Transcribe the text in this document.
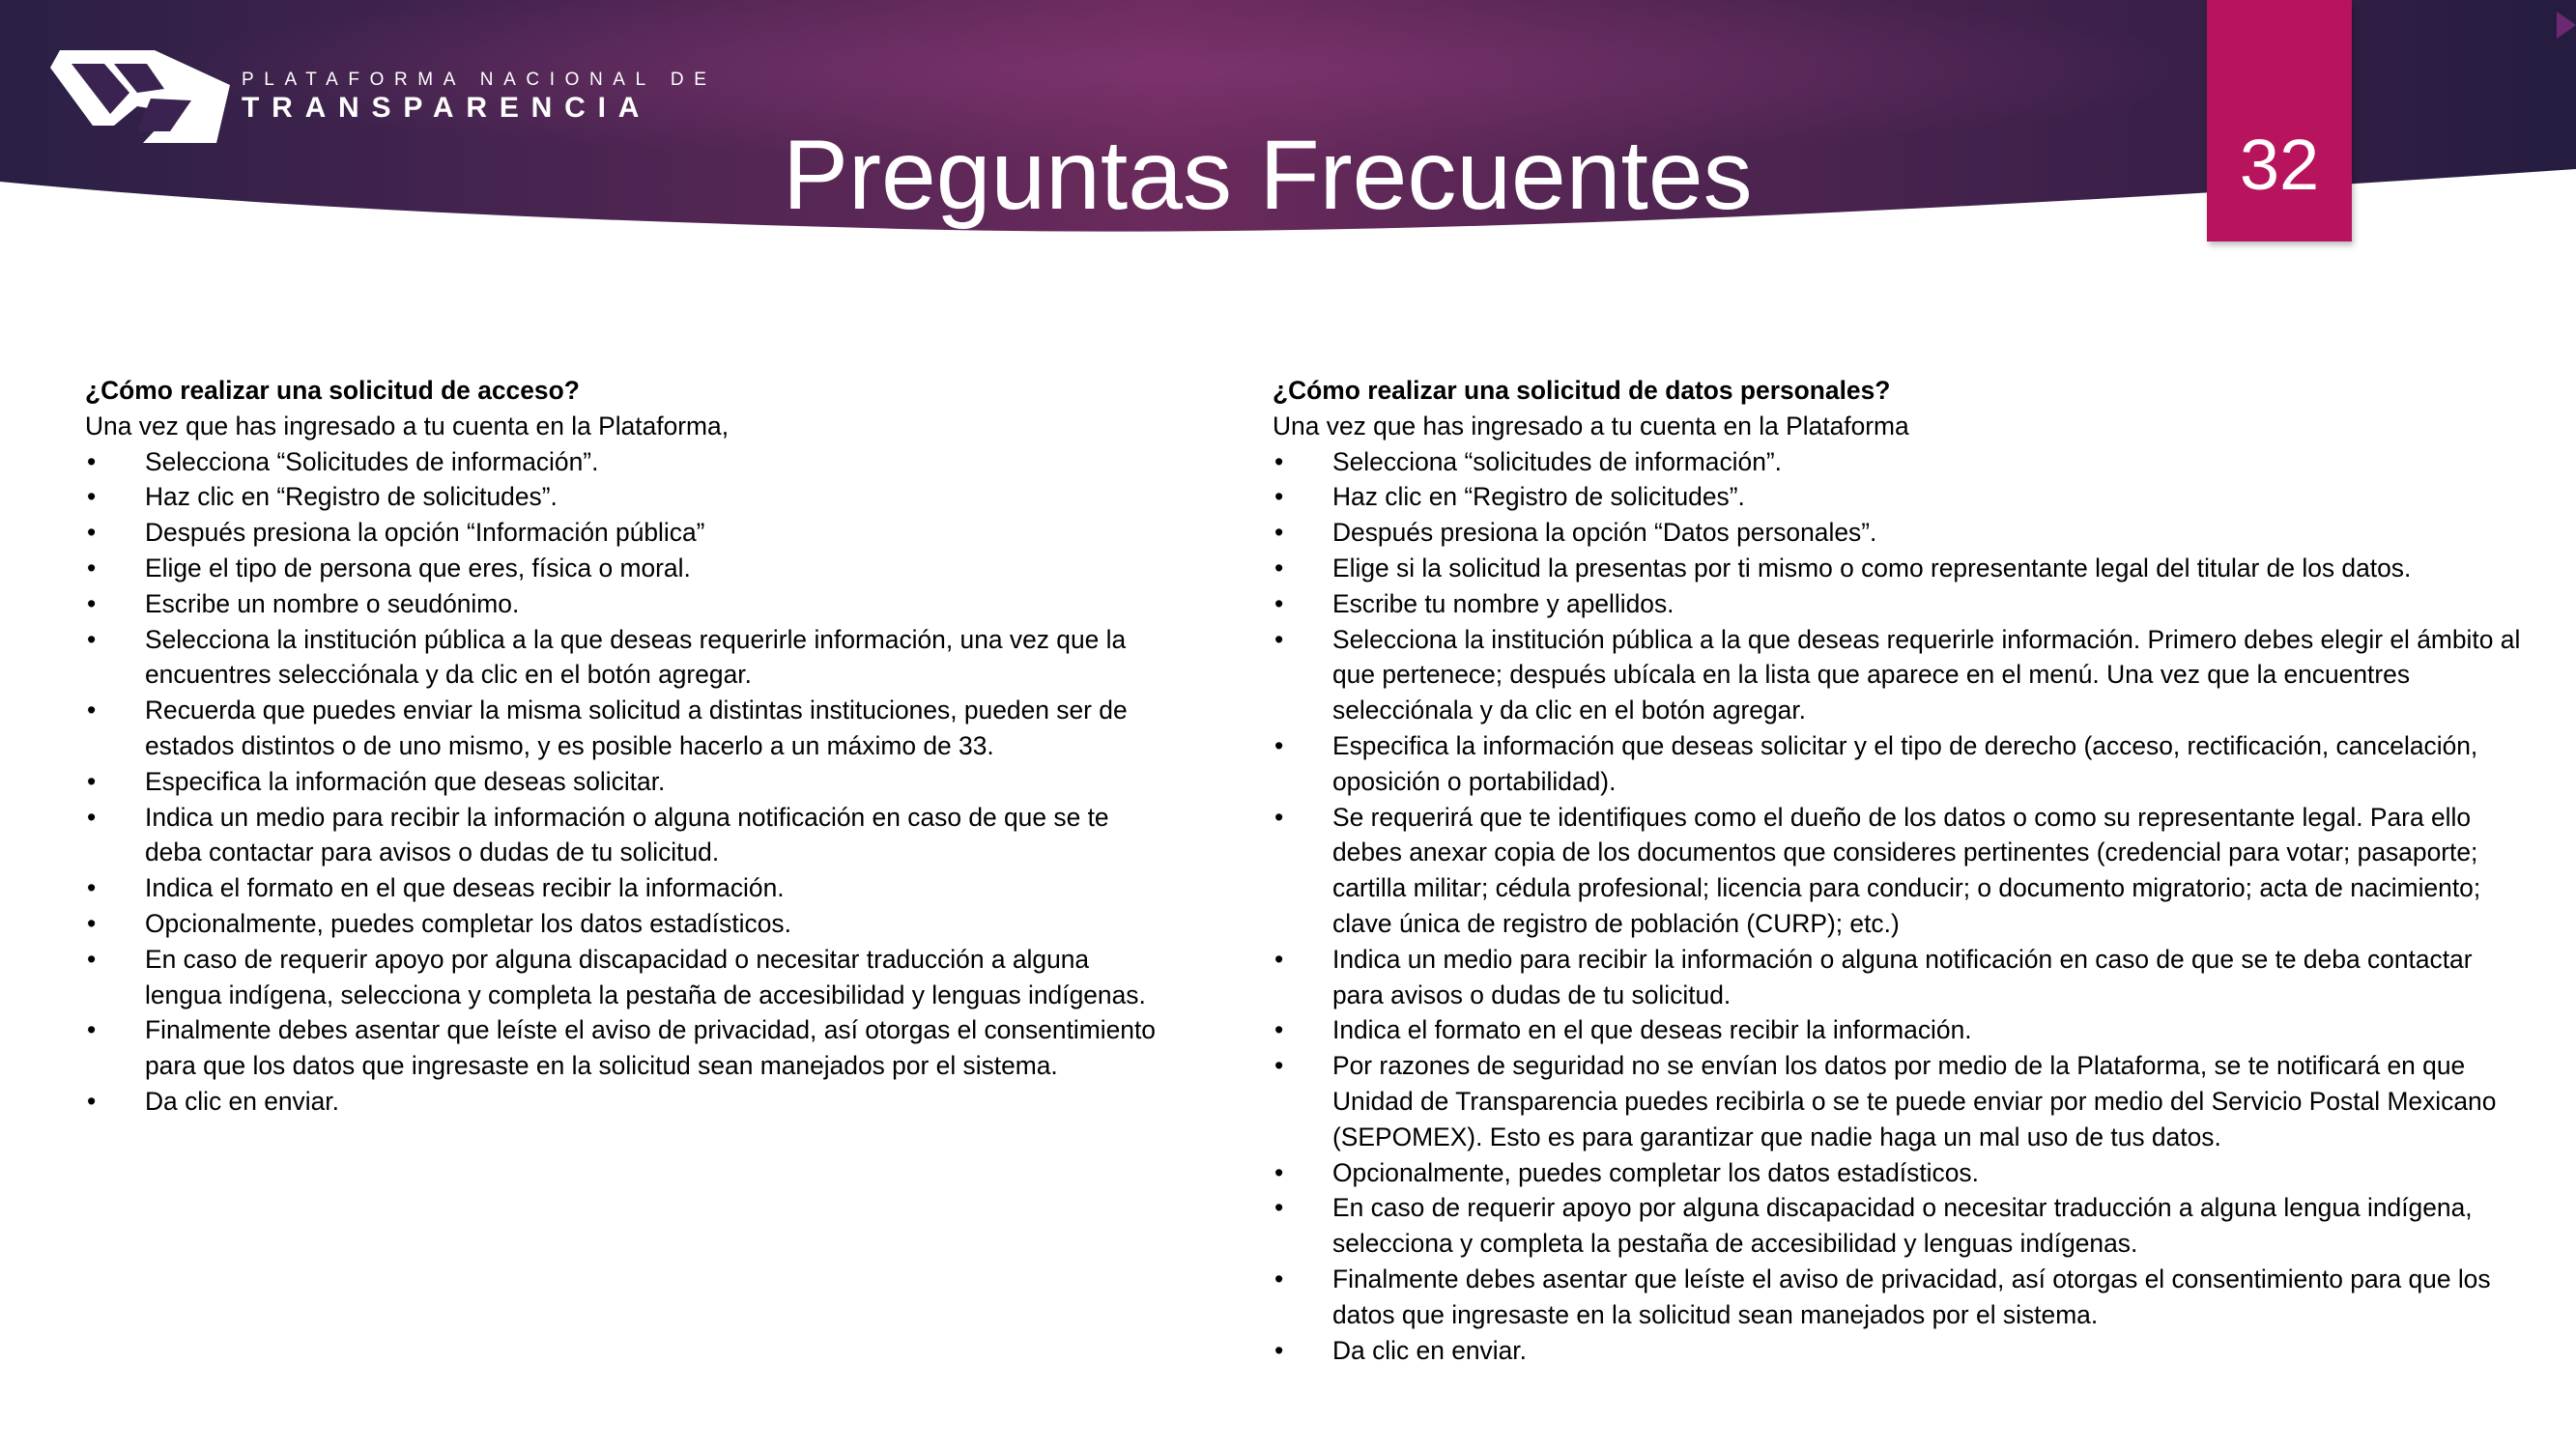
PLATAFORMA NACIONAL DE
TRANSPARENCIA
Preguntas Frecuentes	32
¿Cómo realizar una solicitud de acceso?
Una vez que has ingresado a tu cuenta en la Plataforma,
• Selecciona “Solicitudes de información”.
• Haz clic en “Registro de solicitudes”.
• Después presiona la opción “Información pública”
• Elige el tipo de persona que eres, física o moral.
• Escribe un nombre o seudónimo.
• Selecciona la institución pública a la que deseas requerirle información, una vez que la encuentres selecciónala y da clic en el botón agregar.
• Recuerda que puedes enviar la misma solicitud a distintas instituciones, pueden ser de estados distintos o de uno mismo, y es posible hacerlo a un máximo de 33.
• Especifica la información que deseas solicitar.
• Indica un medio para recibir la información o alguna notificación en caso de que se te deba contactar para avisos o dudas de tu solicitud.
• Indica el formato en el que deseas recibir la información.
• Opcionalmente, puedes completar los datos estadísticos.
• En caso de requerir apoyo por alguna discapacidad o necesitar traducción a alguna lengua indígena, selecciona y completa la pestaña de accesibilidad y lenguas indígenas.
• Finalmente debes asentar que leíste el aviso de privacidad, así otorgas el consentimiento para que los datos que ingresaste en la solicitud sean manejados por el sistema.
• Da clic en enviar.
¿Cómo realizar una solicitud de datos personales?
Una vez que has ingresado a tu cuenta en la Plataforma
• Selecciona “solicitudes de información”.
• Haz clic en “Registro de solicitudes”.
• Después presiona la opción “Datos personales”.
• Elige si la solicitud la presentas por ti mismo o como representante legal del titular de los datos.
• Escribe tu nombre y apellidos.
• Selecciona la institución pública a la que deseas requerirle información. Primero debes elegir el ámbito al que pertenece; después ubícala en la lista que aparece en el menú. Una vez que la encuentres selecciónala y da clic en el botón agregar.
• Especifica la información que deseas solicitar y el tipo de derecho (acceso, rectificación, cancelación, oposición o portabilidad).
• Se requerirá que te identifiques como el dueño de los datos o como su representante legal. Para ello debes anexar copia de los documentos que consideres pertinentes (credencial para votar; pasaporte; cartilla militar; cédula profesional; licencia para conducir; o documento migratorio; acta de nacimiento; clave única de registro de población (CURP); etc.)
• Indica un medio para recibir la información o alguna notificación en caso de que se te deba contactar para avisos o dudas de tu solicitud.
• Indica el formato en el que deseas recibir la información.
• Por razones de seguridad no se envían los datos por medio de la Plataforma, se te notificará en que Unidad de Transparencia puedes recibirla o se te puede enviar por medio del Servicio Postal Mexicano (SEPOMEX). Esto es para garantizar que nadie haga un mal uso de tus datos.
• Opcionalmente, puedes completar los datos estadísticos.
• En caso de requerir apoyo por alguna discapacidad o necesitar traducción a alguna lengua indígena, selecciona y completa la pestaña de accesibilidad y lenguas indígenas.
• Finalmente debes asentar que leíste el aviso de privacidad, así otorgas el consentimiento para que los datos que ingresaste en la solicitud sean manejados por el sistema.
• Da clic en enviar.
